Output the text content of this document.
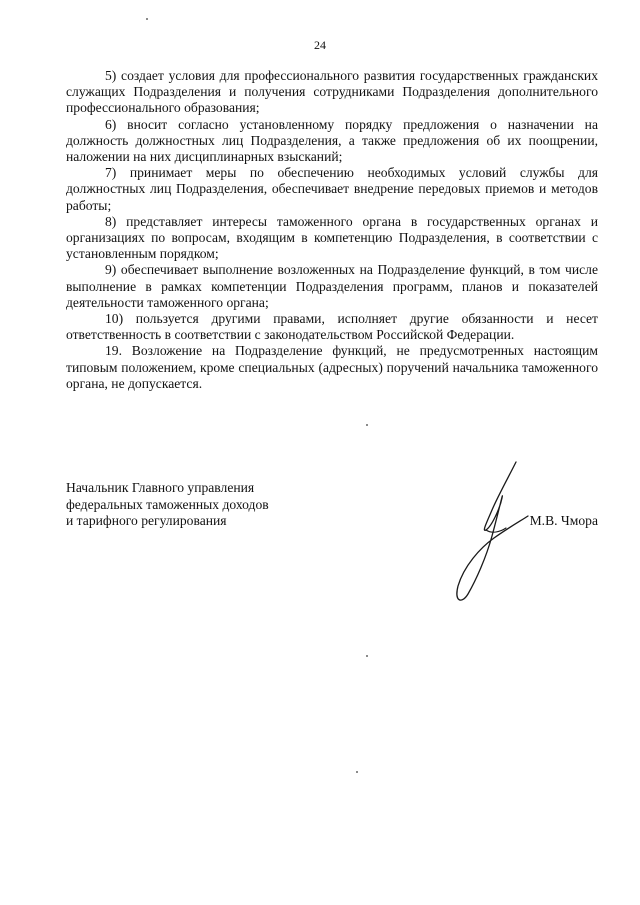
24

5) создает условия для профессионального развития государственных гражданских служащих Подразделения и получения сотрудниками Подразделения дополнительного профессионального образования;

6) вносит согласно установленному порядку предложения о назначении на должность должностных лиц Подразделения, а также предложения об их поощрении, наложении на них дисциплинарных взысканий;

7) принимает меры по обеспечению необходимых условий службы для должностных лиц Подразделения, обеспечивает внедрение передовых приемов и методов работы;

8) представляет интересы таможенного органа в государственных органах и организациях по вопросам, входящим в компетенцию Подразделения, в соответствии с установленным порядком;

9) обеспечивает выполнение возложенных на Подразделение функций, в том числе выполнение в рамках компетенции Подразделения программ, планов и показателей деятельности таможенного органа;

10) пользуется другими правами, исполняет другие обязанности и несет ответственность в соответствии с законодательством Российской Федерации.

19. Возложение на Подразделение функций, не предусмотренных настоящим типовым положением, кроме специальных (адресных) поручений начальника таможенного органа, не допускается.

Начальник Главного управления
федеральных таможенных доходов
и тарифного регулирования	М.В. Чмора
